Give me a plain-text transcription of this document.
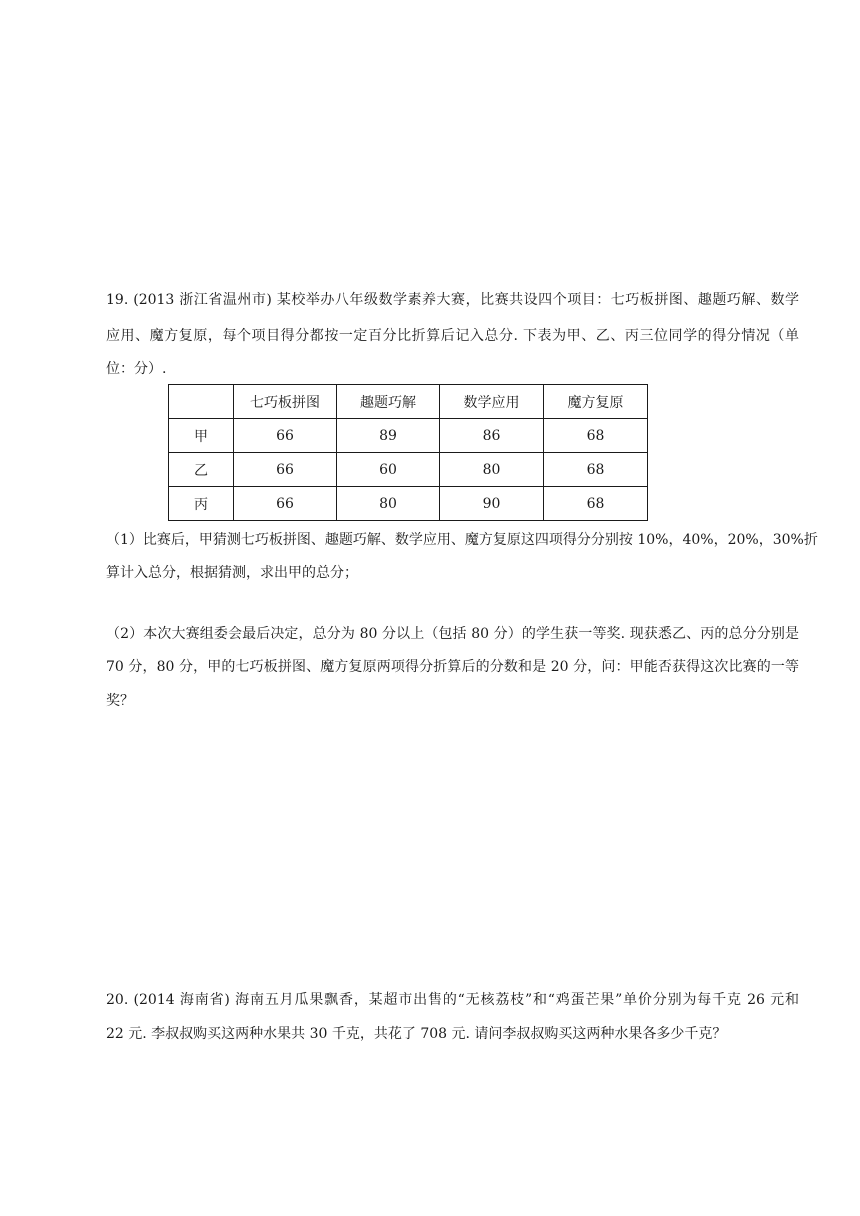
19. (2013 浙江省温州市) 某校举办八年级数学素养大赛，比赛共设四个项目：七巧板拼图、趣题巧解、数学
应用、魔方复原，每个项目得分都按一定百分比折算后记入总分. 下表为甲、乙、丙三位同学的得分情况（单
位：分）.
	七巧板拼图	趣题巧解	数学应用	魔方复原
甲	66	89	86	68
乙	66	60	80	68
丙	66	80	90	68
（1）比赛后，甲猜测七巧板拼图、趣题巧解、数学应用、魔方复原这四项得分分别按 10%，40%，20%，30%折
算计入总分，根据猜测，求出甲的总分；
（2）本次大赛组委会最后决定，总分为 80 分以上（包括 80 分）的学生获一等奖. 现获悉乙、丙的总分分别是
70 分，80 分，甲的七巧板拼图、魔方复原两项得分折算后的分数和是 20 分，问：甲能否获得这次比赛的一等
奖？
20. (2014 海南省) 海南五月瓜果飘香，某超市出售的“无核荔枝”和“鸡蛋芒果”单价分别为每千克 26 元和
22 元. 李叔叔购买这两种水果共 30 千克，共花了 708 元. 请问李叔叔购买这两种水果各多少千克？
